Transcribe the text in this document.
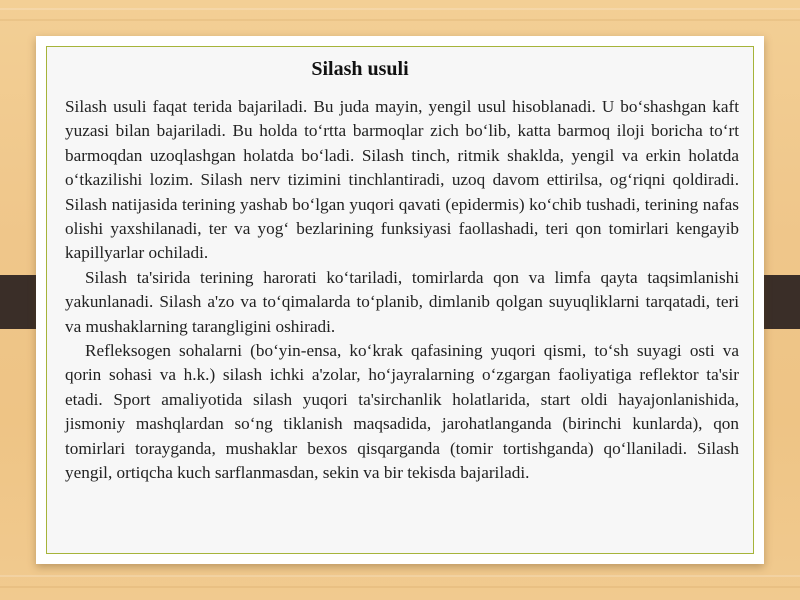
Silash usuli

Silash usuli faqat terida bajariladi. Bu juda mayin, yengil usul hisoblanadi. U bo‘shashgan kaft yuzasi bilan bajariladi. Bu holda to‘rtta barmoqlar zich bo‘lib, katta barmoq iloji boricha to‘rt barmoqdan uzoqlashgan holatda bo‘ladi. Silash tinch, ritmik shaklda, yengil va erkin holatda o‘tkazilishi lozim. Silash nerv tizimini tinchlantiradi, uzoq davom ettirilsa, og‘riqni qoldiradi. Silash natijasida terining yashab bo‘lgan yuqori qavati (epidermis) ko‘chib tushadi, terining nafas olishi yaxshilanadi, ter va yog‘ bezlarining funksiyasi faollashadi, teri qon tomirlari kengayib kapillyarlar ochiladi.

Silash ta'sirida terining harorati ko‘tariladi, tomirlarda qon va limfa qayta taqsimlanishi yakunlanadi. Silash a'zo va to‘qimalarda to‘planib, dimlanib qolgan suyuqliklarni tarqatadi, teri va mushaklarning tarangligini oshiradi.

Refleksogen sohalarni (bo‘yin-ensa, ko‘krak qafasining yuqori qismi, to‘sh suyagi osti va qorin sohasi va h.k.) silash ichki a'zolar, ho‘jayralarning o‘zgargan faoliyatiga reflektor ta'sir etadi. Sport amaliyotida silash yuqori ta'sirchanlik holatlarida, start oldi hayajonlanishida, jismoniy mashqlardan so‘ng tiklanish maqsadida, jarohatlanganda (birinchi kunlarda), qon tomirlari torayganda, mushaklar bexos qisqarganda (tomir tortishganda) qo‘llaniladi. Silash yengil, ortiqcha kuch sarflanmasdan, sekin va bir tekisda bajariladi.
